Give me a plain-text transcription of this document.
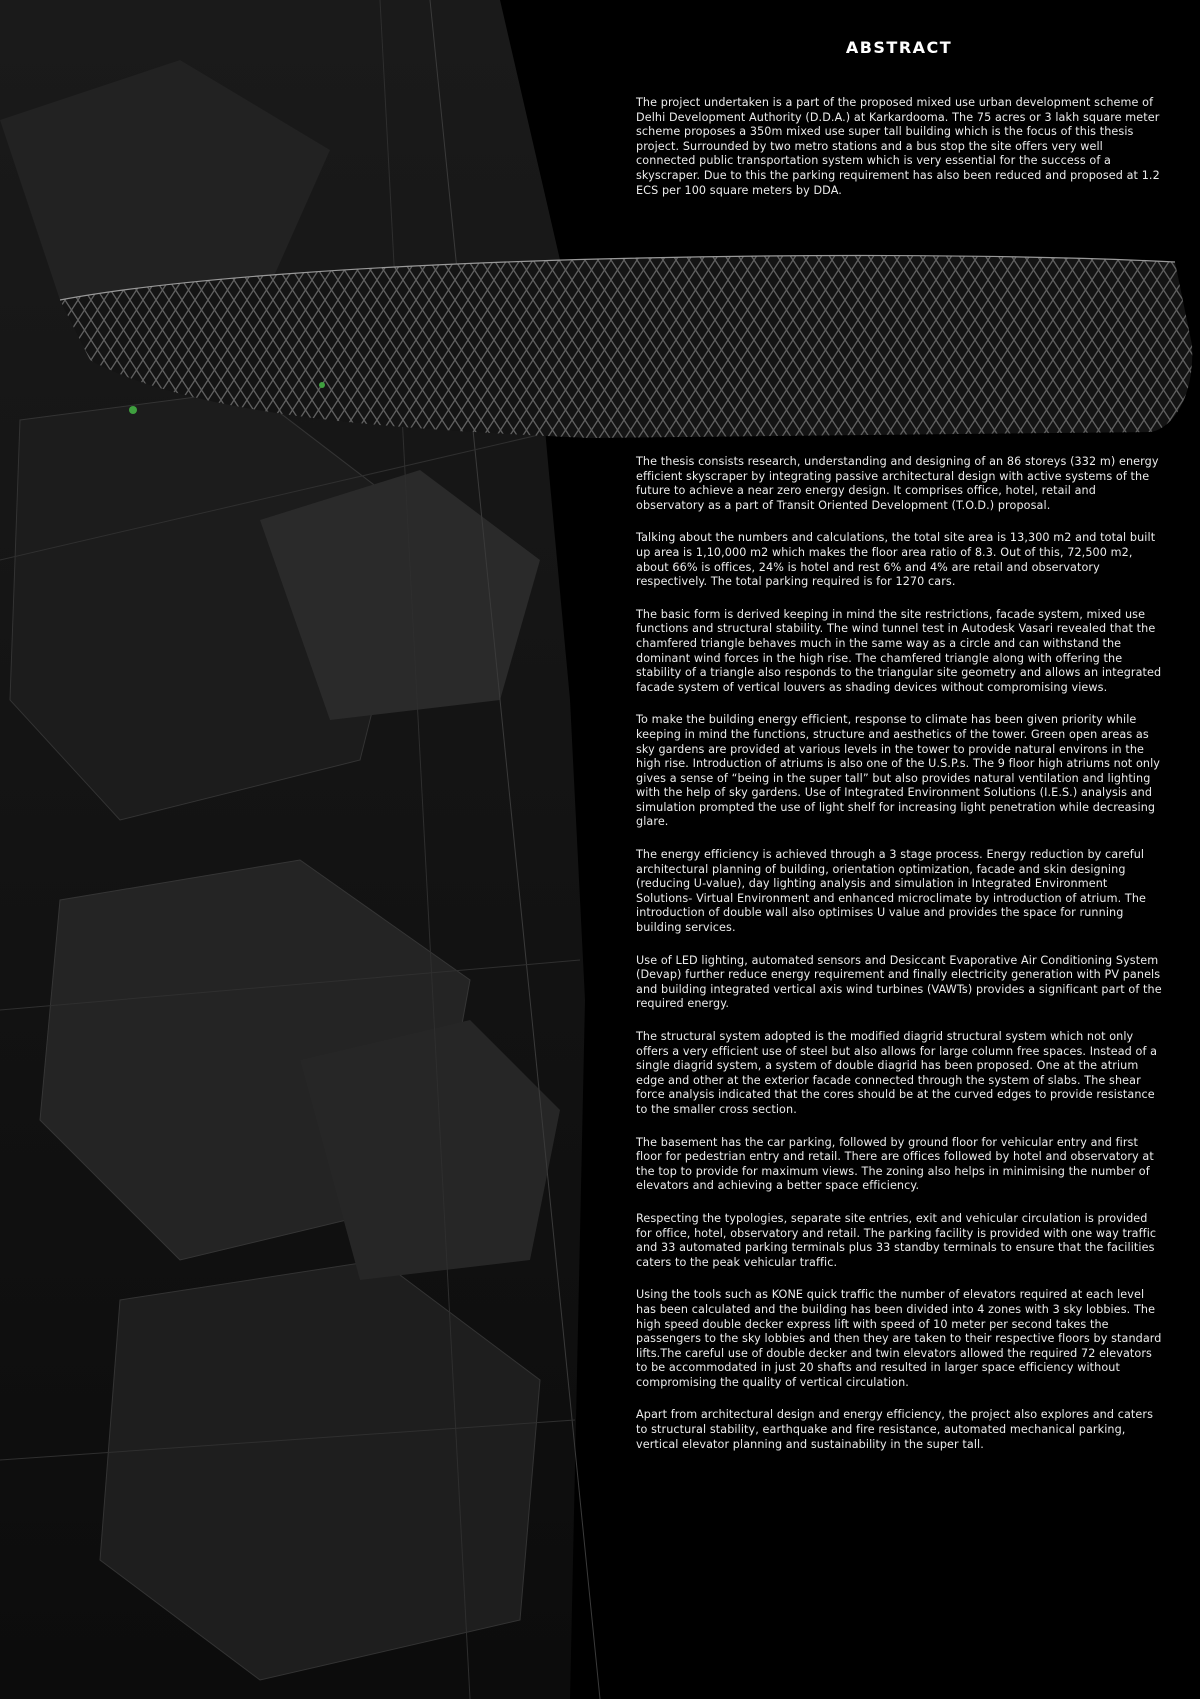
ABSTRACT

The project undertaken is a part of the proposed mixed use urban development scheme of Delhi Development Authority (D.D.A.) at Karkardooma. The 75 acres or 3 lakh square meter scheme proposes a 350m mixed use super tall building which is the focus of this thesis project. Surrounded by two metro stations and a bus stop the site offers very well connected public transportation system which is very essential for the success of a skyscraper. Due to this the parking requirement has also been reduced and proposed at 1.2 ECS per 100 square meters by DDA.

The thesis consists research, understanding and designing of an 86 storeys (332 m) energy efficient skyscraper by integrating passive architectural design with active systems of the future to achieve a near zero energy design. It comprises office, hotel, retail and observatory as a part of Transit Oriented Development (T.O.D.) proposal.

Talking about the numbers and calculations, the total site area is 13,300 m2 and total built up area is 1,10,000 m2 which makes the floor area ratio of 8.3. Out of this, 72,500 m2, about 66% is offices, 24% is hotel and rest 6% and 4% are retail and observatory respectively. The total parking required is for 1270 cars.

The basic form is derived keeping in mind the site restrictions, facade system, mixed use functions and structural stability. The wind tunnel test in Autodesk Vasari revealed that the chamfered triangle behaves much in the same way as a circle and can withstand the dominant wind forces in the high rise. The chamfered triangle along with offering the stability of a triangle also responds to the triangular site geometry and allows an integrated facade system of vertical louvers as shading devices without compromising views.

To make the building energy efficient, response to climate has been given priority while keeping in mind the functions, structure and aesthetics of the tower. Green open areas as sky gardens are provided at various levels in the tower to provide natural environs in the high rise. Introduction of atriums is also one of the U.S.P.s. The 9 floor high atriums not only gives a sense of “being in the super tall” but also provides natural ventilation and lighting with the help of sky gardens. Use of Integrated Environment Solutions (I.E.S.) analysis and simulation prompted the use of light shelf for increasing light penetration while decreasing glare.

The energy efficiency is achieved through a 3 stage process. Energy reduction by careful architectural planning of building, orientation optimization, facade and skin designing (reducing U-value), day lighting analysis and simulation in Integrated Environment Solutions- Virtual Environment and enhanced microclimate by introduction of atrium. The introduction of double wall also optimises U value and provides the space for running building services.

Use of LED lighting, automated sensors and Desiccant Evaporative Air Conditioning System (Devap) further reduce energy requirement and finally electricity generation with PV panels and building integrated vertical axis wind turbines (VAWTs) provides a significant part of the required energy.

The structural system adopted is the modified diagrid structural system which not only offers a very efficient use of steel but also allows for large column free spaces. Instead of a single diagrid system, a system of double diagrid has been proposed. One at the atrium edge and other at the exterior facade connected through the system of slabs. The shear force analysis indicated that the cores should be at the curved edges to provide resistance to the smaller cross section.

The basement has the car parking, followed by ground floor for vehicular entry and first floor for pedestrian entry and retail. There are offices followed by hotel and observatory at the top to provide for maximum views. The zoning also helps in minimising the number of elevators and achieving a better space efficiency.

Respecting the typologies, separate site entries, exit and vehicular circulation is provided for office, hotel, observatory and retail. The parking facility is provided with one way traffic and 33 automated parking terminals plus 33 standby terminals to ensure that the facilities caters to the peak vehicular traffic.

Using the tools such as KONE quick traffic the number of elevators required at each level has been calculated and the building has been divided into 4 zones with 3 sky lobbies. The high speed double decker express lift with speed of 10 meter per second takes the passengers to the sky lobbies and then they are taken to their respective floors by standard lifts.The careful use of double decker and twin elevators allowed the required 72 elevators to be accommodated in just 20 shafts and resulted in larger space efficiency without compromising the quality of vertical circulation.

Apart from architectural design and energy efficiency, the project also explores and caters to structural stability, earthquake and fire resistance, automated mechanical parking, vertical elevator planning and sustainability in the super tall.
